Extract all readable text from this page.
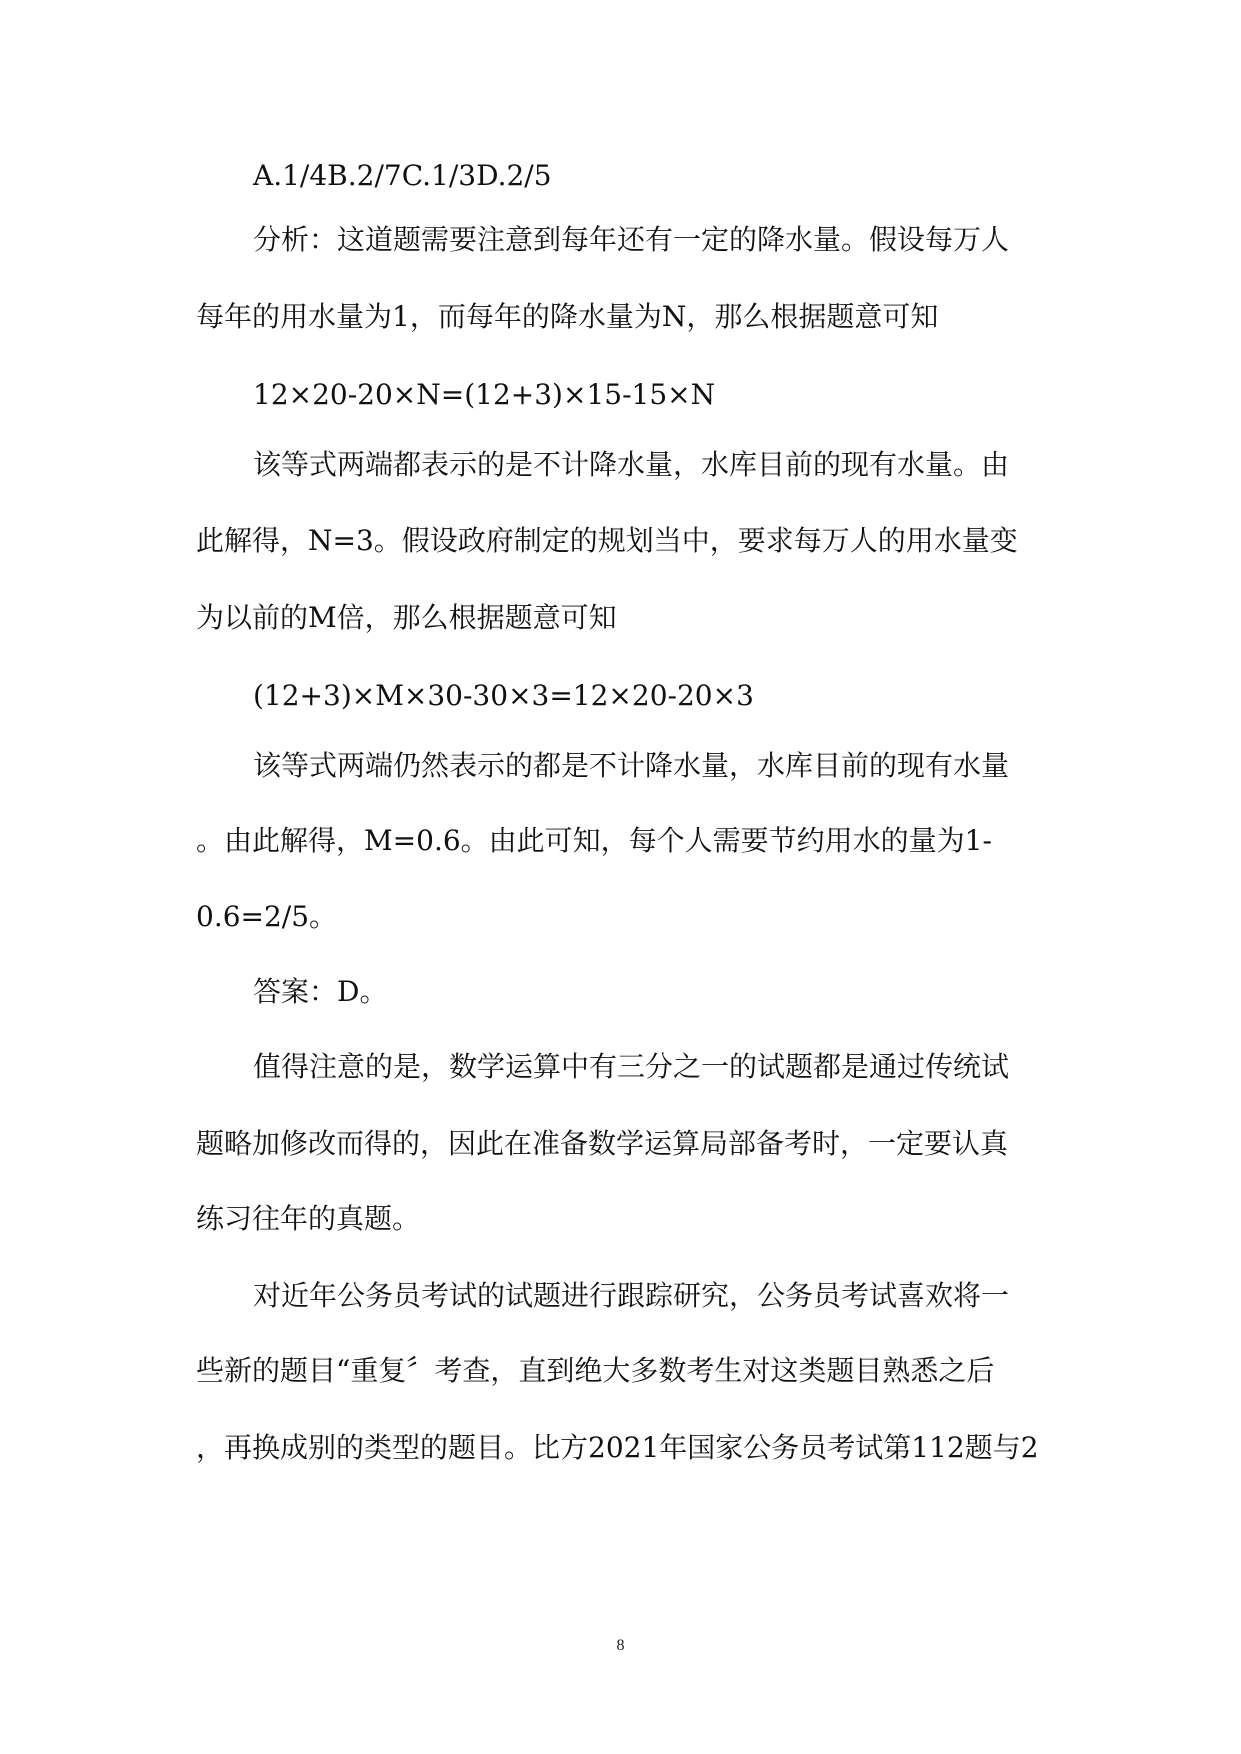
A.1/4B.2/7C.1/3D.2/5
分析：这道题需要注意到每年还有一定的降水量。假设每万人
每年的用水量为1，而每年的降水量为N，那么根据题意可知
12×20-20×N=(12+3)×15-15×N
该等式两端都表示的是不计降水量，水库目前的现有水量。由
此解得，N=3。假设政府制定的规划当中，要求每万人的用水量变
为以前的M倍，那么根据题意可知
(12+3)×M×30-30×3=12×20-20×3
该等式两端仍然表示的都是不计降水量，水库目前的现有水量
。由此解得，M=0.6。由此可知，每个人需要节约用水的量为1-
0.6=2/5。
答案：D。
值得注意的是，数学运算中有三分之一的试题都是通过传统试
题略加修改而得的，因此在准备数学运算局部备考时，一定要认真
练习往年的真题。
对近年公务员考试的试题进行跟踪研究，公务员考试喜欢将一
些新的题目“重复〞考查，直到绝大多数考生对这类题目熟悉之后
，再换成别的类型的题目。比方2021年国家公务员考试第112题与2
8
